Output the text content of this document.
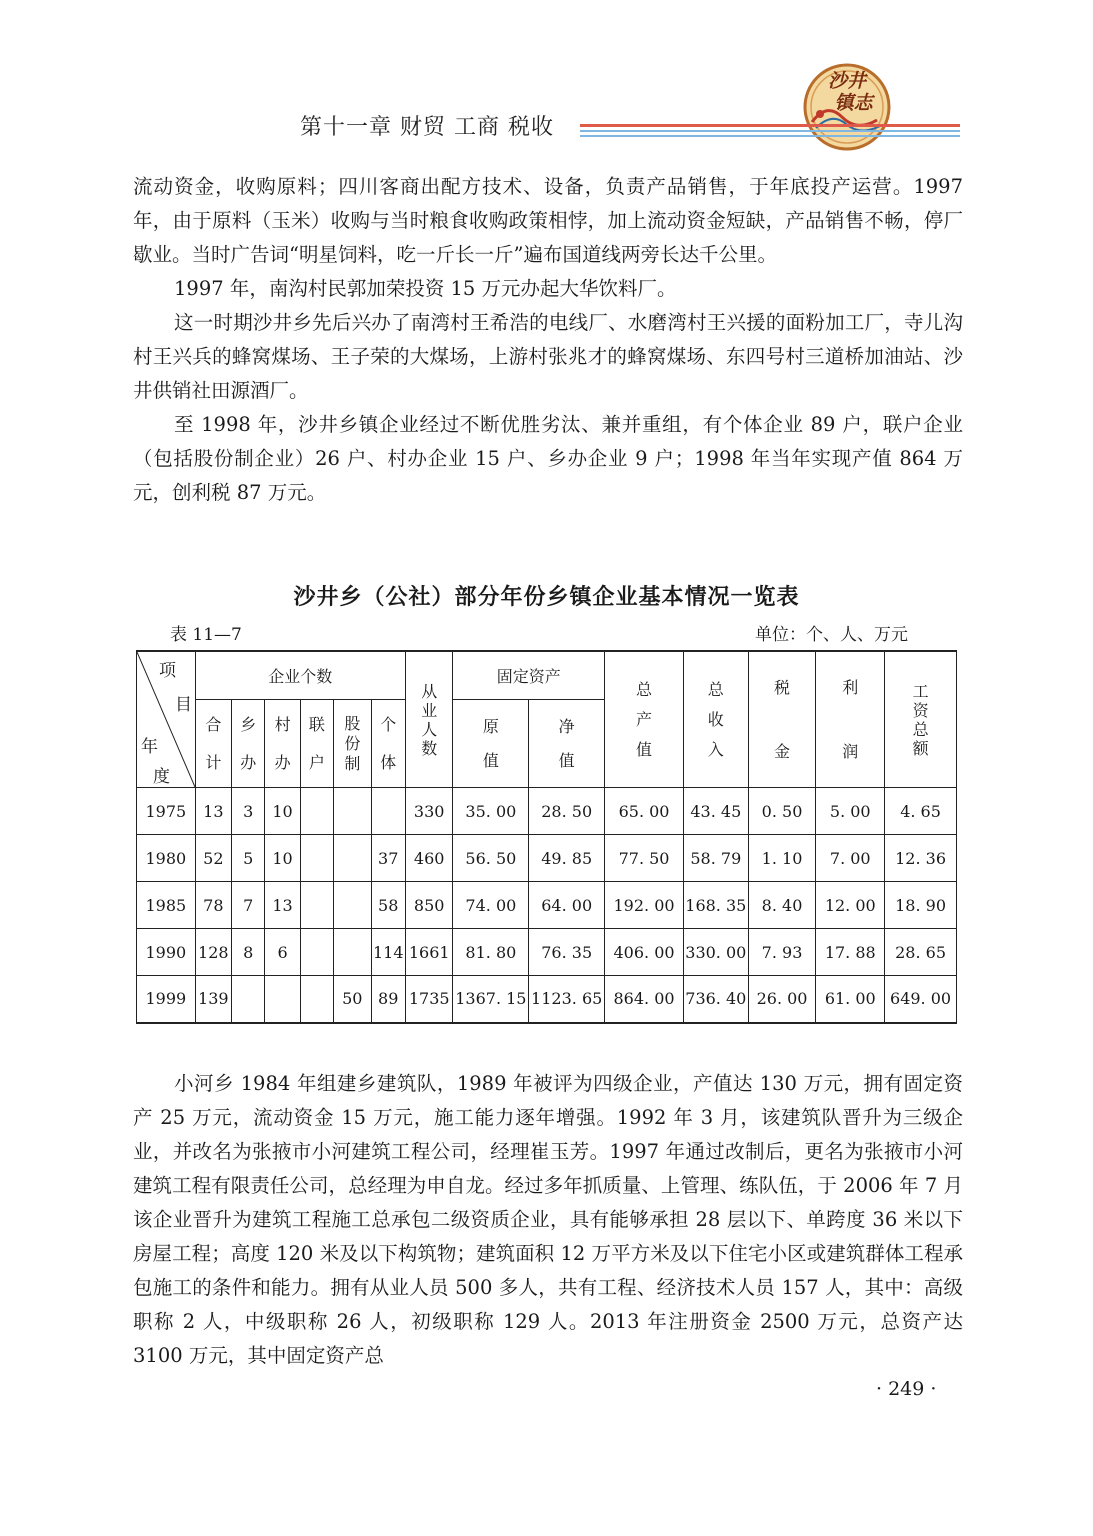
沙井
镇志
第十一章 财贸 工商 税收

流动资金，收购原料；四川客商出配方技术、设备，负责产品销售，于年底投产运营。1997 年，由于原料（玉米）收购与当时粮食收购政策相悖，加上流动资金短缺，产品销售不畅，停厂歇业。当时广告词“明星饲料，吃一斤长一斤”遍布国道线两旁长达千公里。

1997 年，南沟村民郭加荣投资 15 万元办起大华饮料厂。

这一时期沙井乡先后兴办了南湾村王希浩的电线厂、水磨湾村王兴援的面粉加工厂，寺儿沟村王兴兵的蜂窝煤场、王子荣的大煤场，上游村张兆才的蜂窝煤场、东四号村三道桥加油站、沙井供销社田源酒厂。

至 1998 年，沙井乡镇企业经过不断优胜劣汰、兼并重组，有个体企业 89 户，联户企业（包括股份制企业）26 户、村办企业 15 户、乡办企业 9 户；1998 年当年实现产值 864 万元，创利税 87 万元。

沙井乡（公社）部分年份乡镇企业基本情况一览表
表 11—7	单位：个、人、万元
项
目
年
度	企业个数						从业人数	固定资产		总产值	总收入	税金	利润	工资总额

	合计	乡办	村办	联户	股份制	个体		原值	净值					

1975	13	3	10				330	35. 00	28. 50	65. 00	43. 45	0. 50	5. 00	4. 65
1980	52	5	10			37	460	56. 50	49. 85	77. 50	58. 79	1. 10	7. 00	12. 36
1985	78	7	13			58	850	74. 00	64. 00	192. 00	168. 35	8. 40	12. 00	18. 90
1990	128	8	6			114	1661	81. 80	76. 35	406. 00	330. 00	7. 93	17. 88	28. 65
1999	139				50	89	1735	1367. 15	1123. 65	864. 00	736. 40	26. 00	61. 00	649. 00

小河乡 1984 年组建乡建筑队，1989 年被评为四级企业，产值达 130 万元，拥有固定资产 25 万元，流动资金 15 万元，施工能力逐年增强。1992 年 3 月，该建筑队晋升为三级企业，并改名为张掖市小河建筑工程公司，经理崔玉芳。1997 年通过改制后，更名为张掖市小河建筑工程有限责任公司，总经理为申自龙。经过多年抓质量、上管理、练队伍，于 2006 年 7 月该企业晋升为建筑工程施工总承包二级资质企业，具有能够承担 28 层以下、单跨度 36 米以下房屋工程；高度 120 米及以下构筑物；建筑面积 12 万平方米及以下住宅小区或建筑群体工程承包施工的条件和能力。拥有从业人员 500 多人，共有工程、经济技术人员 157 人，其中：高级职称 2 人，中级职称 26 人，初级职称 129 人。2013 年注册资金 2500 万元，总资产达 3100 万元，其中固定资产总

· 249 ·
